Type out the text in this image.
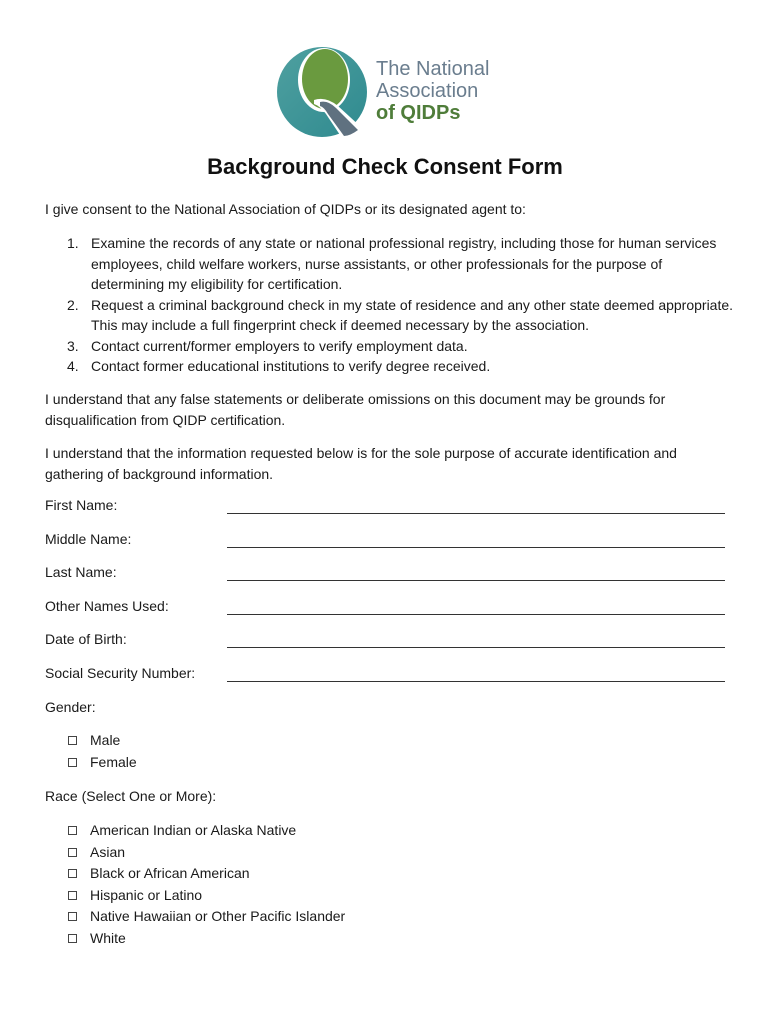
The National
Association
of QIDPs
Background Check Consent Form

I give consent to the National Association of QIDPs or its designated agent to:

1. Examine the records of any state or national professional registry, including those for human services employees, child welfare workers, nurse assistants, or other professionals for the purpose of determining my eligibility for certification.
2. Request a criminal background check in my state of residence and any other state deemed appropriate. This may include a full fingerprint check if deemed necessary by the association.
3. Contact current/former employers to verify employment data.
4. Contact former educational institutions to verify degree received.

I understand that any false statements or deliberate omissions on this document may be grounds for disqualification from QIDP certification.

I understand that the information requested below is for the sole purpose of accurate identification and gathering of background information.

First Name:
Middle Name:
Last Name:
Other Names Used:
Date of Birth:
Social Security Number:
Gender:
Male
Female
Race (Select One or More):
American Indian or Alaska Native
Asian
Black or African American
Hispanic or Latino
Native Hawaiian or Other Pacific Islander
White
